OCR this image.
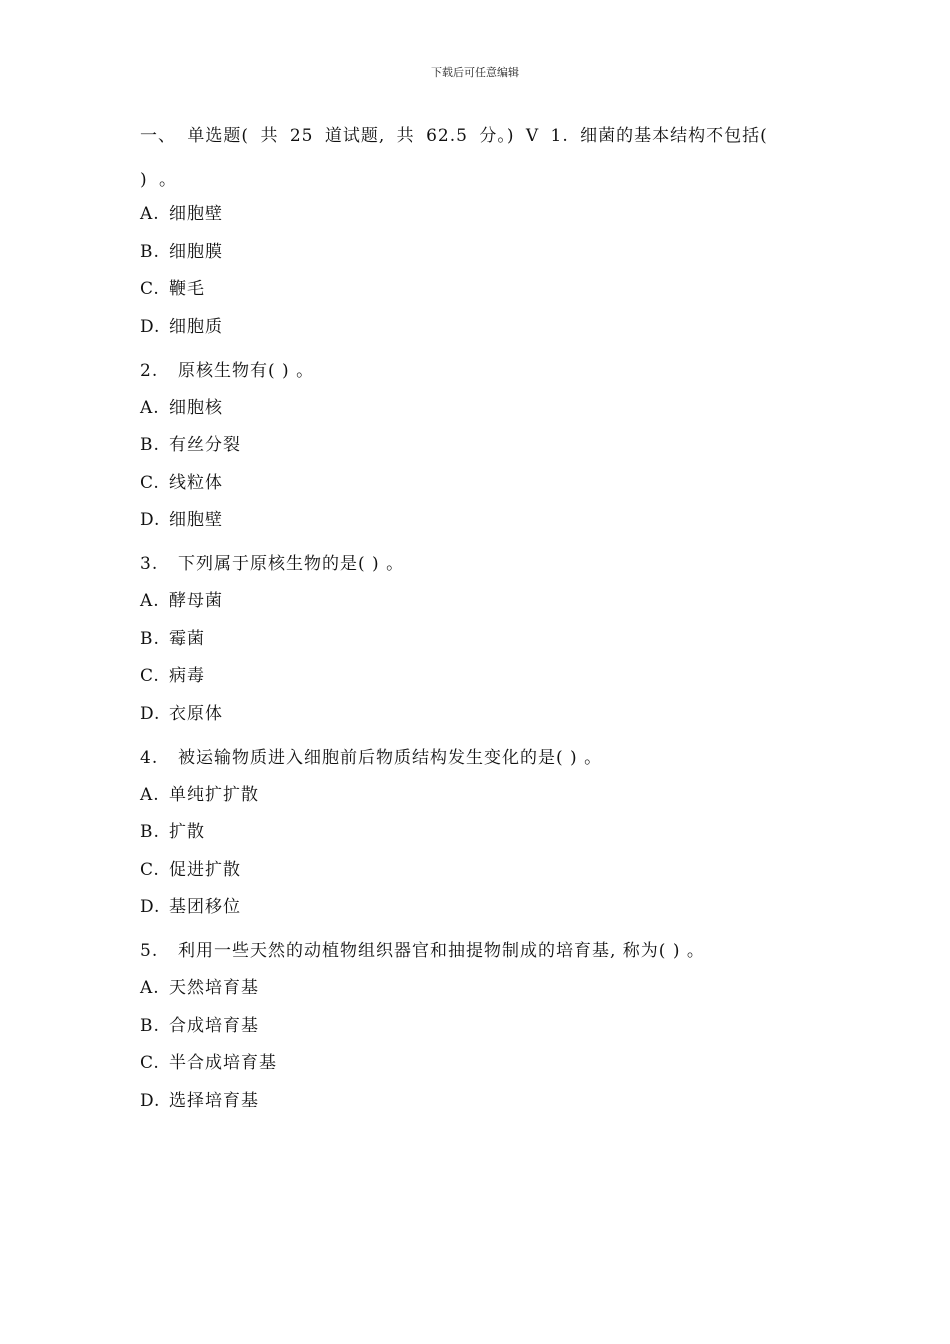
下载后可任意编辑
一、 单选题( 共 25 道试题, 共 62.5 分。) V 1. 细菌的基本结构不包括(
) 。
A. 细胞壁
B. 细胞膜
C. 鞭毛
D. 细胞质
2. 原核生物有( ) 。
A. 细胞核
B. 有丝分裂
C. 线粒体
D. 细胞壁
3. 下列属于原核生物的是( ) 。
A. 酵母菌
B. 霉菌
C. 病毒
D. 衣原体
4. 被运输物质进入细胞前后物质结构发生变化的是( ) 。
A. 单纯扩扩散
B. 扩散
C. 促进扩散
D. 基团移位
5. 利用一些天然的动植物组织器官和抽提物制成的培育基, 称为( ) 。
A. 天然培育基
B. 合成培育基
C. 半合成培育基
D. 选择培育基
